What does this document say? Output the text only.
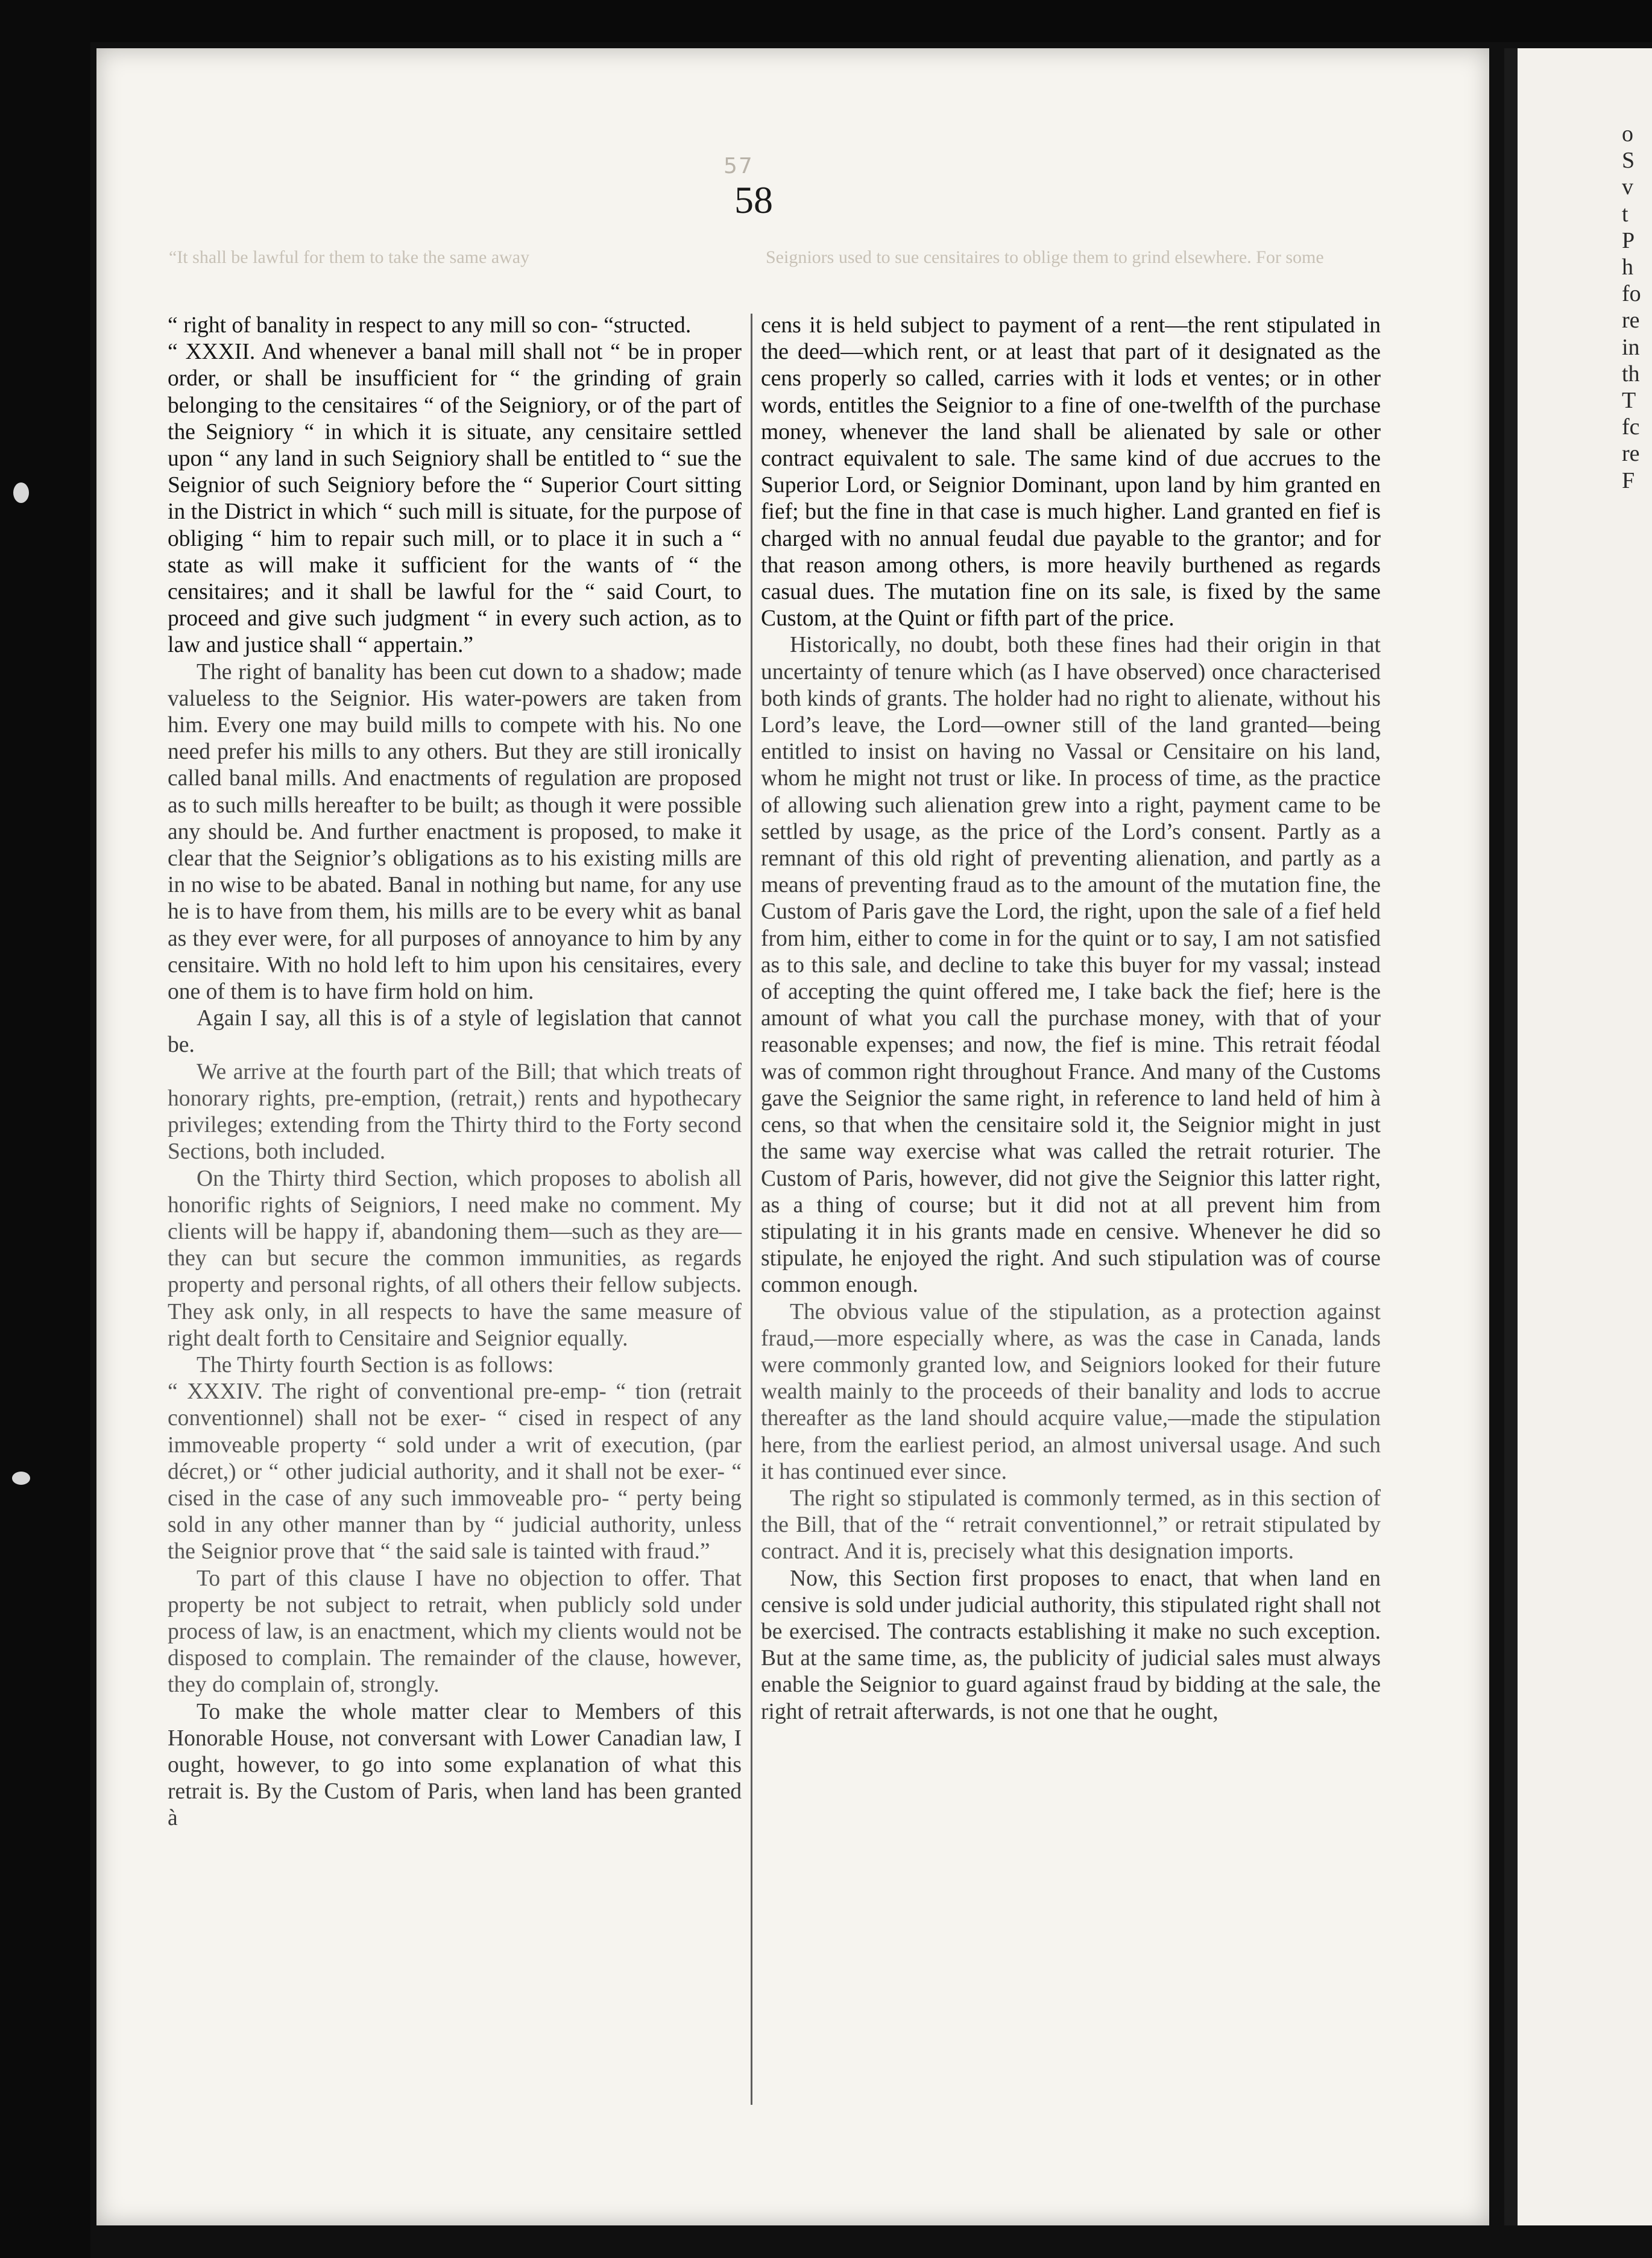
57
58
“It shall be lawful for them to take the same away	Seigniors used to sue censitaires to oblige them to grind elsewhere. For some

“ right of banality in respect to any mill so con- “structed.

“ XXXII. And whenever a banal mill shall not “ be in proper order, or shall be insufficient for “ the grinding of grain belonging to the censitaires “ of the Seigniory, or of the part of the Seigniory “ in which it is situate, any censitaire settled upon “ any land in such Seigniory shall be entitled to “ sue the Seignior of such Seigniory before the “ Superior Court sitting in the District in which “ such mill is situate, for the purpose of obliging “ him to repair such mill, or to place it in such a “ state as will make it sufficient for the wants of “ the censitaires; and it shall be lawful for the “ said Court, to proceed and give such judgment “ in every such action, as to law and justice shall “ appertain.”

The right of banality has been cut down to a shadow; made valueless to the Seignior. His water-powers are taken from him. Every one may build mills to compete with his. No one need prefer his mills to any others. But they are still ironically called banal mills. And enactments of regulation are proposed as to such mills hereafter to be built; as though it were possible any should be. And further enactment is proposed, to make it clear that the Seignior’s obligations as to his existing mills are in no wise to be abated. Banal in nothing but name, for any use he is to have from them, his mills are to be every whit as banal as they ever were, for all purposes of annoyance to him by any censitaire. With no hold left to him upon his censitaires, every one of them is to have firm hold on him.

Again I say, all this is of a style of legislation that cannot be.

We arrive at the fourth part of the Bill; that which treats of honorary rights, pre-emption, (retrait,) rents and hypothecary privileges; extending from the Thirty third to the Forty second Sections, both included.

On the Thirty third Section, which proposes to abolish all honorific rights of Seigniors, I need make no comment. My clients will be happy if, abandoning them—such as they are—they can but secure the common immunities, as regards property and personal rights, of all others their fellow subjects. They ask only, in all respects to have the same measure of right dealt forth to Censitaire and Seignior equally.

The Thirty fourth Section is as follows:

“ XXXIV. The right of conventional pre-emp- “ tion (retrait conventionnel) shall not be exer- “ cised in respect of any immoveable property “ sold under a writ of execution, (par décret,) or “ other judicial authority, and it shall not be exer- “ cised in the case of any such immoveable pro- “ perty being sold in any other manner than by “ judicial authority, unless the Seignior prove that “ the said sale is tainted with fraud.”

To part of this clause I have no objection to offer. That property be not subject to retrait, when publicly sold under process of law, is an enactment, which my clients would not be disposed to complain. The remainder of the clause, however, they do complain of, strongly.

To make the whole matter clear to Members of this Honorable House, not conversant with Lower Canadian law, I ought, however, to go into some explanation of what this retrait is. By the Custom of Paris, when land has been granted à

cens it is held subject to payment of a rent—the rent stipulated in the deed—which rent, or at least that part of it designated as the cens properly so called, carries with it lods et ventes; or in other words, entitles the Seignior to a fine of one-twelfth of the purchase money, whenever the land shall be alienated by sale or other contract equivalent to sale. The same kind of due accrues to the Superior Lord, or Seignior Dominant, upon land by him granted en fief; but the fine in that case is much higher. Land granted en fief is charged with no annual feudal due payable to the grantor; and for that reason among others, is more heavily burthened as regards casual dues. The mutation fine on its sale, is fixed by the same Custom, at the Quint or fifth part of the price.

Historically, no doubt, both these fines had their origin in that uncertainty of tenure which (as I have observed) once characterised both kinds of grants. The holder had no right to alienate, without his Lord’s leave, the Lord—owner still of the land granted—being entitled to insist on having no Vassal or Censitaire on his land, whom he might not trust or like. In process of time, as the practice of allowing such alienation grew into a right, payment came to be settled by usage, as the price of the Lord’s consent. Partly as a remnant of this old right of preventing alienation, and partly as a means of preventing fraud as to the amount of the mutation fine, the Custom of Paris gave the Lord, the right, upon the sale of a fief held from him, either to come in for the quint or to say, I am not satisfied as to this sale, and decline to take this buyer for my vassal; instead of accepting the quint offered me, I take back the fief; here is the amount of what you call the purchase money, with that of your reasonable expenses; and now, the fief is mine. This retrait féodal was of common right throughout France. And many of the Customs gave the Seignior the same right, in reference to land held of him à cens, so that when the censitaire sold it, the Seignior might in just the same way exercise what was called the retrait roturier. The Custom of Paris, however, did not give the Seignior this latter right, as a thing of course; but it did not at all prevent him from stipulating it in his grants made en censive. Whenever he did so stipulate, he enjoyed the right. And such stipulation was of course common enough.

The obvious value of the stipulation, as a protection against fraud,—more especially where, as was the case in Canada, lands were commonly granted low, and Seigniors looked for their future wealth mainly to the proceeds of their banality and lods to accrue thereafter as the land should acquire value,—made the stipulation here, from the earliest period, an almost universal usage. And such it has continued ever since.

The right so stipulated is commonly termed, as in this section of the Bill, that of the “ retrait conventionnel,” or retrait stipulated by contract. And it is, precisely what this designation imports.

Now, this Section first proposes to enact, that when land en censive is sold under judicial authority, this stipulated right shall not be exercised. The contracts establishing it make no such exception. But at the same time, as, the publicity of judicial sales must always enable the Seignior to guard against fraud by bidding at the sale, the right of retrait afterwards, is not one that he ought,

o
S
v
t
P
h
fo
re
in
th
T
fc
re
F
